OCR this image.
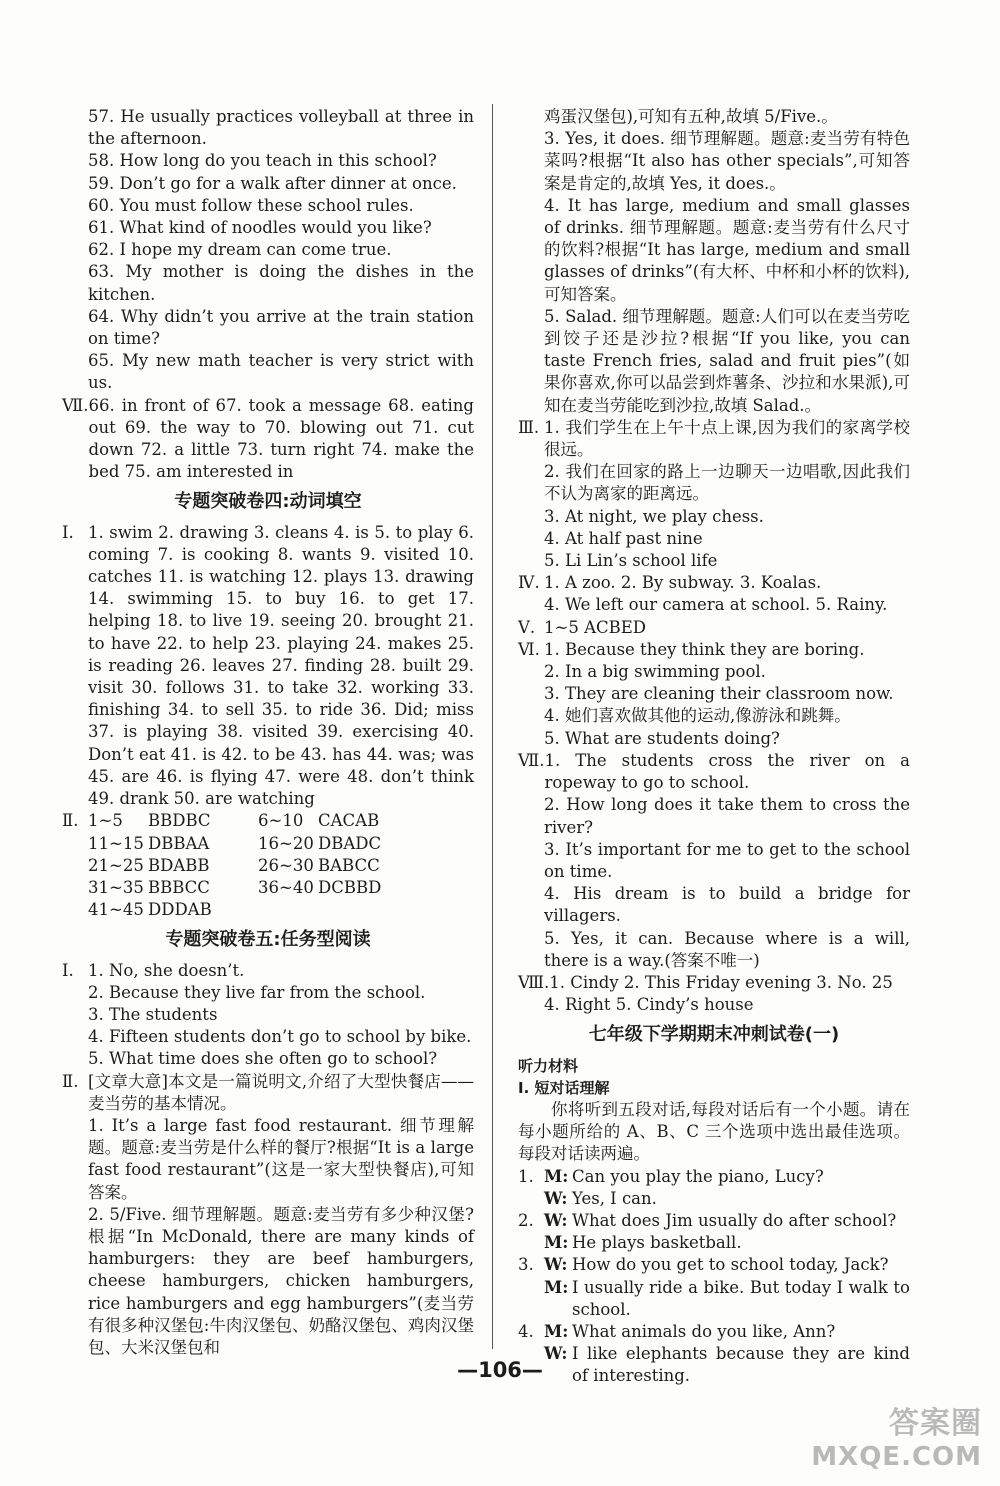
57. He usually practices volleyball at three in the afternoon.
58. How long do you teach in this school?
59. Don’t go for a walk after dinner at once.
60. You must follow these school rules.
61. What kind of noodles would you like?
62. I hope my dream can come true.
63. My mother is doing the dishes in the kitchen.
64. Why didn’t you arrive at the train station on time?
65. My new math teacher is very strict with us.
Ⅶ. 66. in front of 67. took a message 68. eating out 69. the way to 70. blowing out 71. cut down 72. a little 73. turn right 74. make the bed 75. am interested in
专题突破卷四:动词填空
Ⅰ. 1. swim 2. drawing 3. cleans 4. is 5. to play 6. coming 7. is cooking 8. wants 9. visited 10. catches 11. is watching 12. plays 13. drawing 14. swimming 15. to buy 16. to get 17. helping 18. to live 19. seeing 20. brought 21. to have 22. to help 23. playing 24. makes 25. is reading 26. leaves 27. finding 28. built 29. visit 30. follows 31. to take 32. working 33. finishing 34. to sell 35. to ride 36. Did; miss 37. is playing 38. visited 39. exercising 40. Don’t eat 41. is 42. to be 43. has 44. was; was 45. are 46. is flying 47. were 48. don’t think 49. drank 50. are watching
Ⅱ. 1~5	BBDBC	6~10 CACAB
11~15 DBBAA	16~20 DBADC
21~25 BDABB	26~30 BABCC
31~35 BBBCC	36~40 DCBBD
41~45 DDDAB
专题突破卷五:任务型阅读
Ⅰ. 1. No, she doesn’t.
2. Because they live far from the school.
3. The students
4. Fifteen students don’t go to school by bike.
5. What time does she often go to school?
Ⅱ. [文章大意]本文是一篇说明文,介绍了大型快餐店——麦当劳的基本情况。
1. It’s a large fast food restaurant. 细节理解题。题意:麦当劳是什么样的餐厅?根据“It is a large fast food restaurant”(这是一家大型快餐店),可知答案。
2. 5/Five. 细节理解题。题意:麦当劳有多少种汉堡?根据“In McDonald, there are many kinds of hamburgers: they are beef hamburgers, cheese hamburgers, chicken hamburgers, rice hamburgers and egg hamburgers”(麦当劳有很多种汉堡包:牛肉汉堡包、奶酪汉堡包、鸡肉汉堡包、大米汉堡包和
鸡蛋汉堡包),可知有五种,故填 5/Five.。
3. Yes, it does. 细节理解题。题意:麦当劳有特色菜吗?根据“It also has other specials”,可知答案是肯定的,故填 Yes, it does.。
4. It has large, medium and small glasses of drinks. 细节理解题。题意:麦当劳有什么尺寸的饮料?根据“It has large, medium and small glasses of drinks”(有大杯、中杯和小杯的饮料),可知答案。
5. Salad. 细节理解题。题意:人们可以在麦当劳吃到饺子还是沙拉?根据“If you like, you can taste French fries, salad and fruit pies”(如果你喜欢,你可以品尝到炸薯条、沙拉和水果派),可知在麦当劳能吃到沙拉,故填 Salad.。
Ⅲ. 1. 我们学生在上午十点上课,因为我们的家离学校很远。
2. 我们在回家的路上一边聊天一边唱歌,因此我们不认为离家的距离远。
3. At night, we play chess.
4. At half past nine
5. Li Lin’s school life
Ⅳ. 1. A zoo. 2. By subway. 3. Koalas.
4. We left our camera at school. 5. Rainy.
Ⅴ. 1~5 ACBED
Ⅵ. 1. Because they think they are boring.
2. In a big swimming pool.
3. They are cleaning their classroom now.
4. 她们喜欢做其他的运动,像游泳和跳舞。
5. What are students doing?
Ⅶ. 1. The students cross the river on a ropeway to go to school.
2. How long does it take them to cross the river?
3. It’s important for me to get to the school on time.
4. His dream is to build a bridge for villagers.
5. Yes, it can. Because where is a will, there is a way.(答案不唯一)
Ⅷ. 1. Cindy 2. This Friday evening 3. No. 25
4. Right 5. Cindy’s house
七年级下学期期末冲刺试卷(一)
听力材料
Ⅰ. 短对话理解
你将听到五段对话,每段对话后有一个小题。请在每小题所给的 A、B、C 三个选项中选出最佳选项。每段对话读两遍。
1. M: Can you play the piano, Lucy?
W: Yes, I can.
2. W: What does Jim usually do after school?
M: He plays basketball.
3. W: How do you get to school today, Jack?
M: I usually ride a bike. But today I walk to school.
4. M: What animals do you like, Ann?
W: I like elephants because they are kind of interesting.
—106—
答案圈
MXQE.COM
